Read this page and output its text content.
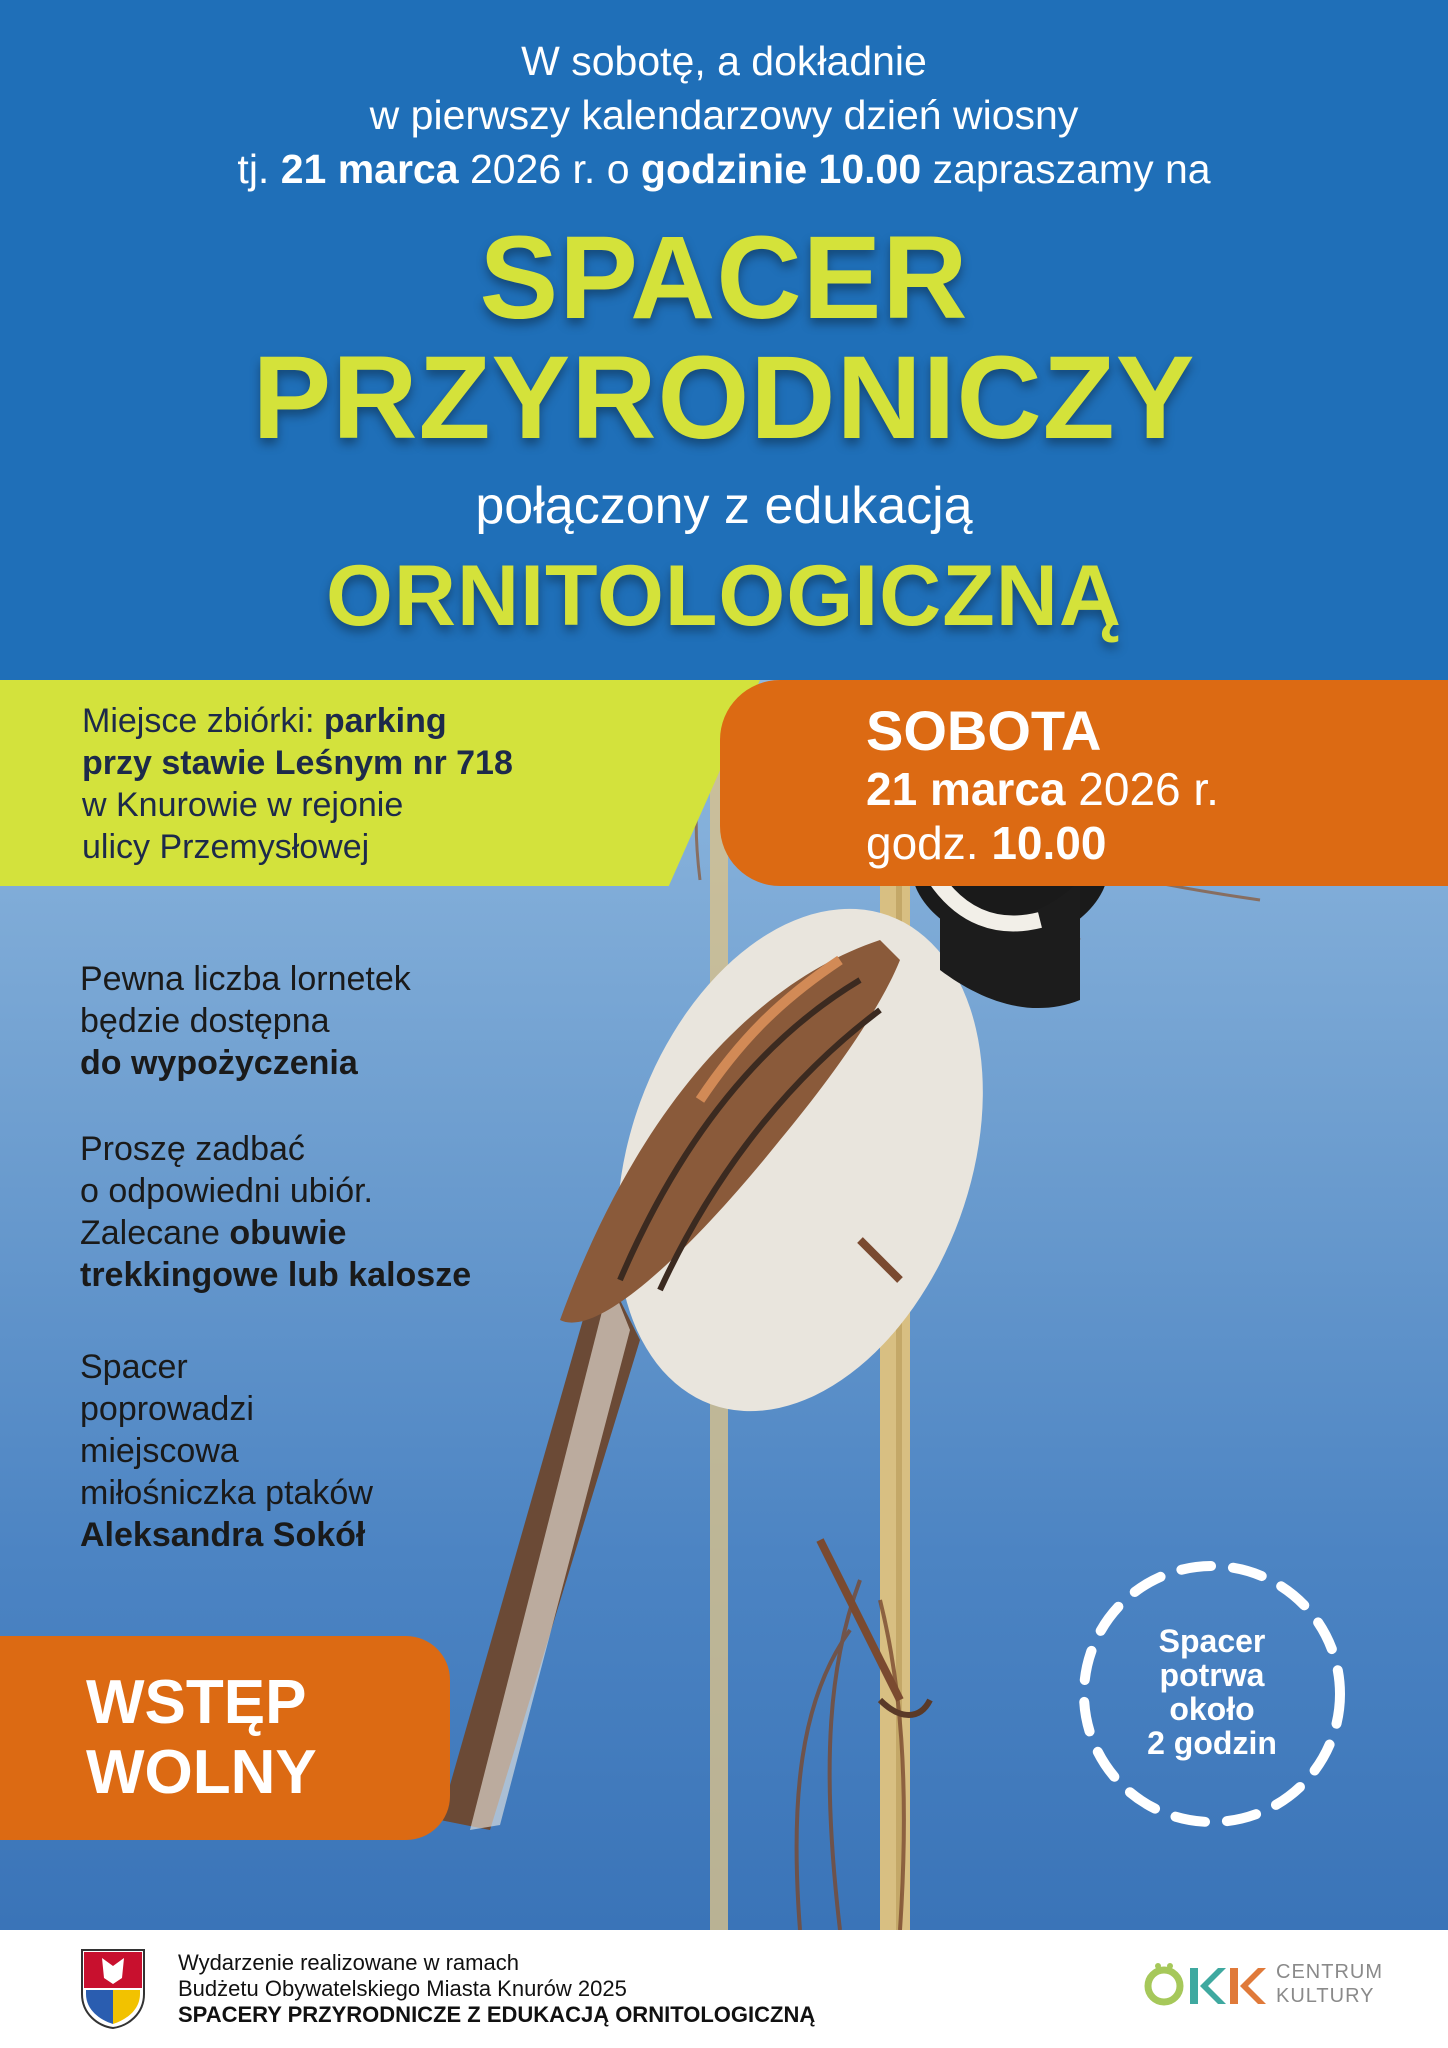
W sobotę, a dokładnie
w pierwszy kalendarzowy dzień wiosny
tj. 21 marca 2026 r. o godzinie 10.00 zapraszamy na
SPACER
PRZYRODNICZY
połączony z edukacją
ORNITOLOGICZNĄ
Miejsce zbiórki: parking
przy stawie Leśnym nr 718
w Knurowie w rejonie
ulicy Przemysłowej
SOBOTA
21 marca 2026 r.
godz. 10.00
Pewna liczba lornetek
będzie dostępna
do wypożyczenia
Proszę zadbać
o odpowiedni ubiór.
Zalecane obuwie
trekkingowe lub kalosze
Spacer
poprowadzi
miejscowa
miłośniczka ptaków
Aleksandra Sokół
WSTĘP
WOLNY
Spacer
potrwa
około
2 godzin
Wydarzenie realizowane w ramach
Budżetu Obywatelskiego Miasta Knurów 2025
SPACERY PRZYRODNICZE Z EDUKACJĄ ORNITOLOGICZNĄ
CENTRUM
KULTURY
